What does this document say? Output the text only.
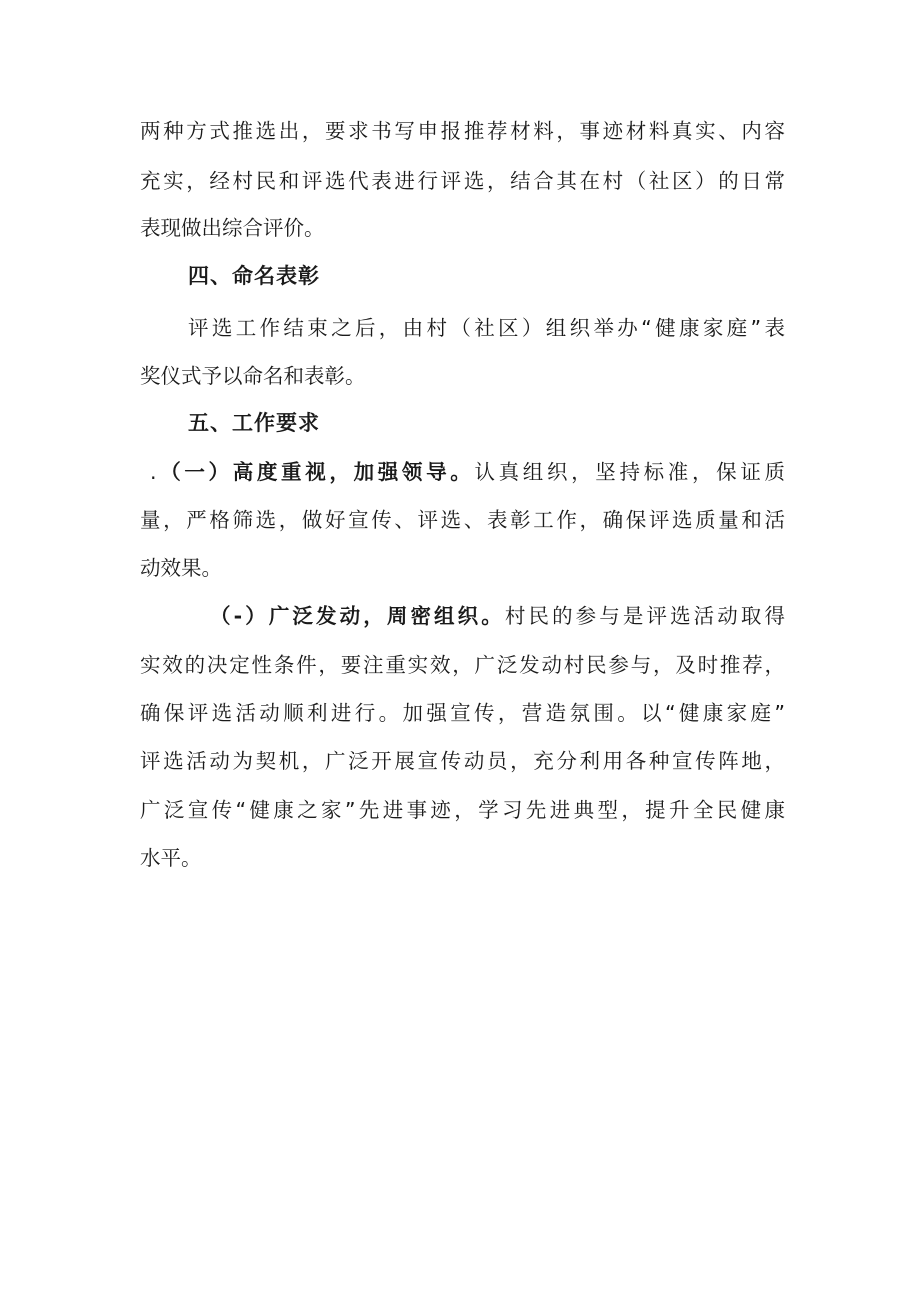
两种方式推选出，要求书写申报推荐材料，事迹材料真实、内容
充实，经村民和评选代表进行评选，结合其在村（社区）的日常
表现做出综合评价。
四、命名表彰
评选工作结束之后，由村（社区）组织举办“健康家庭”表
奖仪式予以命名和表彰。
五、工作要求
.（一）高度重视，加强领导。认真组织，坚持标准，保证质
量，严格筛选，做好宣传、评选、表彰工作，确保评选质量和活
动效果。
（-）广泛发动，周密组织。村民的参与是评选活动取得
实效的决定性条件，要注重实效，广泛发动村民参与，及时推荐，
确保评选活动顺利进行。加强宣传，营造氛围。以“健康家庭”
评选活动为契机，广泛开展宣传动员，充分利用各种宣传阵地，
广泛宣传“健康之家”先进事迹，学习先进典型，提升全民健康
水平。
